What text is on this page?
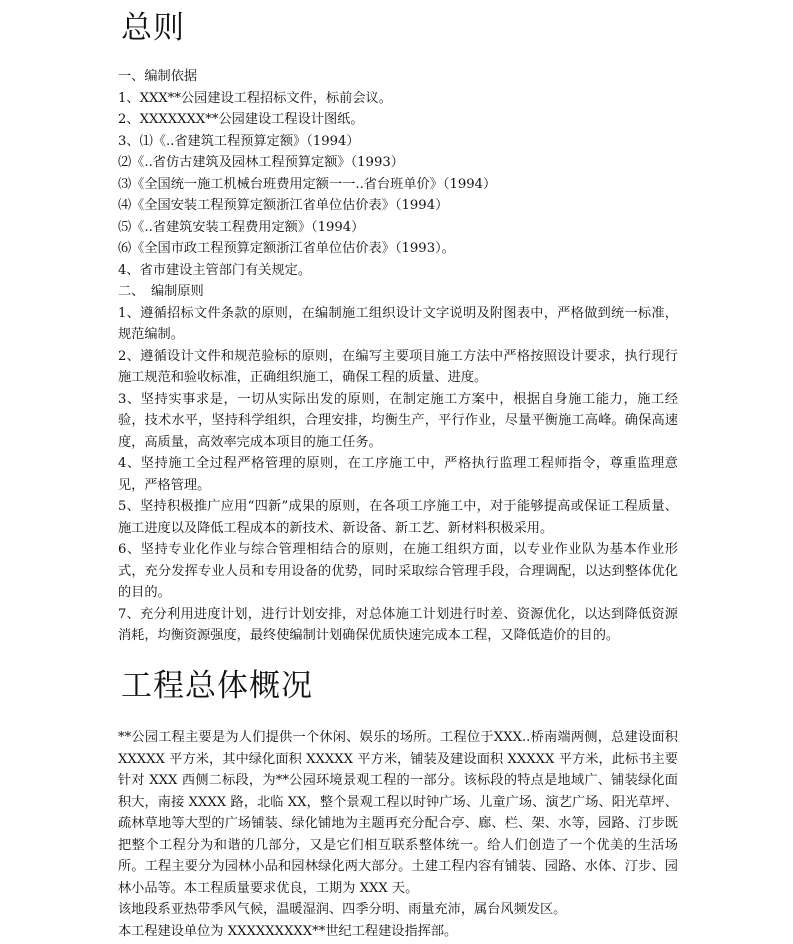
总则
一、编制依据
1、XXX**公园建设工程招标文件，标前会议。
2、XXXXXXX**公园建设工程设计图纸。
3、⑴《..省建筑工程预算定额》（1994）
⑵《..省仿古建筑及园林工程预算定额》（1993）
⑶《全国统一施工机械台班费用定额一一..省台班单价》（1994）
⑷《全国安装工程预算定额浙江省单位估价表》（1994）
⑸《..省建筑安装工程费用定额》（1994）
⑹《全国市政工程预算定额浙江省单位估价表》（1993）。
4、省市建设主管部门有关规定。
二、　编制原则
1、遵循招标文件条款的原则，在编制施工组织设计文字说明及附图表中，严格做到统一标准，规范编制。
2、遵循设计文件和规范验标的原则，在编写主要项目施工方法中严格按照设计要求，执行现行施工规范和验收标准，正确组织施工，确保工程的质量、进度。
3、坚持实事求是，一切从实际出发的原则，在制定施工方案中，根据自身施工能力，施工经验，技术水平，坚持科学组织，合理安排，均衡生产，平行作业，尽量平衡施工高峰。确保高速度，高质量，高效率完成本项目的施工任务。
4、坚持施工全过程严格管理的原则，在工序施工中，严格执行监理工程师指令，尊重监理意见，严格管理。
5、坚持积极推广应用“四新”成果的原则，在各项工序施工中，对于能够提高或保证工程质量、施工进度以及降低工程成本的新技术、新设备、新工艺、新材料积极采用。
6、坚持专业化作业与综合管理相结合的原则，在施工组织方面，以专业作业队为基本作业形式，充分发挥专业人员和专用设备的优势，同时采取综合管理手段，合理调配，以达到整体优化的目的。
7、充分利用进度计划，进行计划安排，对总体施工计划进行时差、资源优化，以达到降低资源消耗，均衡资源强度，最终使编制计划确保优质快速完成本工程，又降低造价的目的。
工程总体概况
**公园工程主要是为人们提供一个休闲、娱乐的场所。工程位于XXX..桥南端两侧，总建设面积 XXXXX 平方米，其中绿化面积 XXXXX 平方米，铺装及建设面积 XXXXX 平方米，此标书主要针对 XXX 西侧二标段，为**公园环境景观工程的一部分。该标段的特点是地域广、铺装绿化面积大，南接 XXXX 路，北临 XX，整个景观工程以时钟广场、儿童广场、演艺广场、阳光草坪、疏林草地等大型的广场铺装、绿化铺地为主题再充分配合亭、廊、栏、架、水等，园路、汀步既把整个工程分为和谐的几部分，又是它们相互联系整体统一。给人们创造了一个优美的生活场所。工程主要分为园林小品和园林绿化两大部分。土建工程内容有铺装、园路、水体、汀步、园林小品等。本工程质量要求优良，工期为 XXX 天。
该地段系亚热带季风气候，温暖湿润、四季分明、雨量充沛，属台风频发区。
本工程建设单位为 XXXXXXXXX**世纪工程建设指挥部。
